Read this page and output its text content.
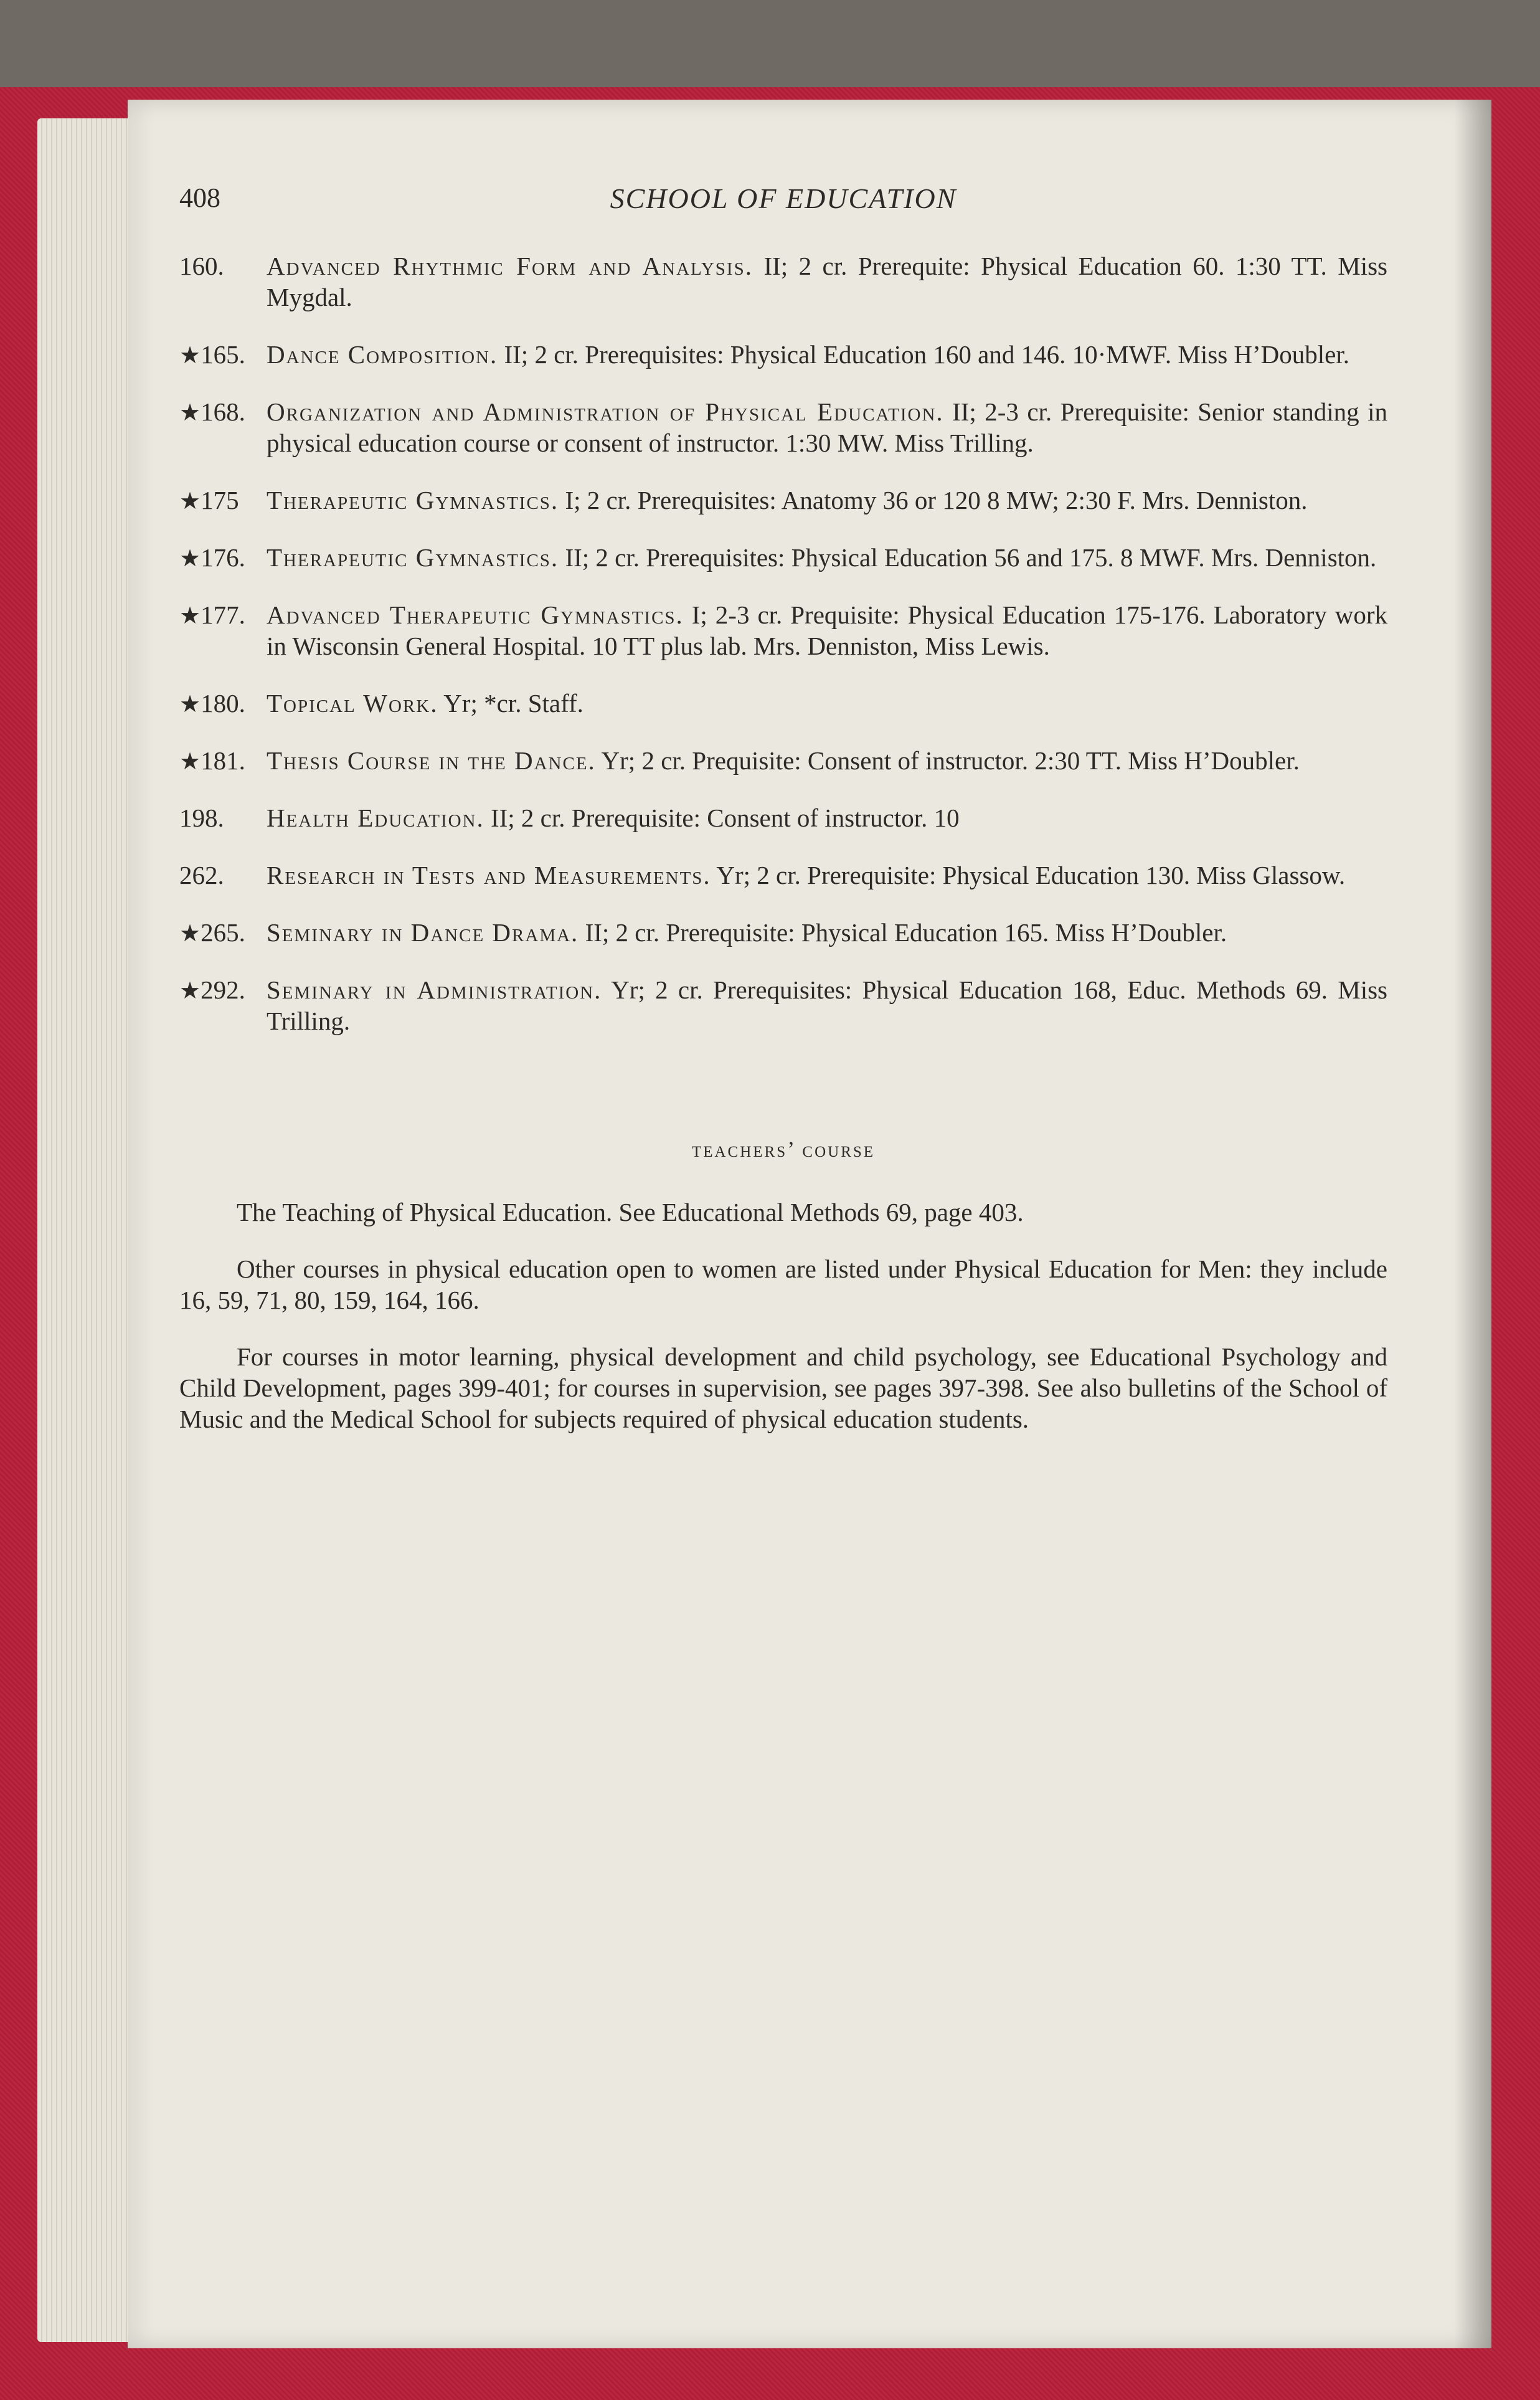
408	SCHOOL OF EDUCATION
160. Advanced Rhythmic Form and Analysis. II; 2 cr. Prerequite: Physical Education 60. 1:30 TT. Miss Mygdal.
★165. Dance Composition. II; 2 cr. Prerequisites: Physical Education 160 and 146. 10·MWF. Miss H’Doubler.
★168. Organization and Administration of Physical Education. II; 2-3 cr. Prerequisite: Senior standing in physical education course or consent of instructor. 1:30 MW. Miss Trilling.
★175 Therapeutic Gymnastics. I; 2 cr. Prerequisites: Anatomy 36 or 120 8 MW; 2:30 F. Mrs. Denniston.
★176. Therapeutic Gymnastics. II; 2 cr. Prerequisites: Physical Education 56 and 175. 8 MWF. Mrs. Denniston.
★177. Advanced Therapeutic Gymnastics. I; 2-3 cr. Prequisite: Physical Education 175-176. Laboratory work in Wisconsin General Hospital. 10 TT plus lab. Mrs. Denniston, Miss Lewis.
★180. Topical Work. Yr; *cr. Staff.
★181. Thesis Course in the Dance. Yr; 2 cr. Prequisite: Consent of instructor. 2:30 TT. Miss H’Doubler.
198. Health Education. II; 2 cr. Prerequisite: Consent of instructor. 10
262. Research in Tests and Measurements. Yr; 2 cr. Prerequisite: Physical Education 130. Miss Glassow.
★265. Seminary in Dance Drama. II; 2 cr. Prerequisite: Physical Education 165. Miss H’Doubler.
★292. Seminary in Administration. Yr; 2 cr. Prerequisites: Physical Education 168, Educ. Methods 69. Miss Trilling.
teachers’ course

The Teaching of Physical Education. See Educational Methods 69, page 403.

Other courses in physical education open to women are listed under Physical Education for Men: they include 16, 59, 71, 80, 159, 164, 166.

For courses in motor learning, physical development and child psychology, see Educational Psychology and Child Development, pages 399-401; for courses in supervision, see pages 397-398. See also bulletins of the School of Music and the Medical School for subjects required of physical education students.
